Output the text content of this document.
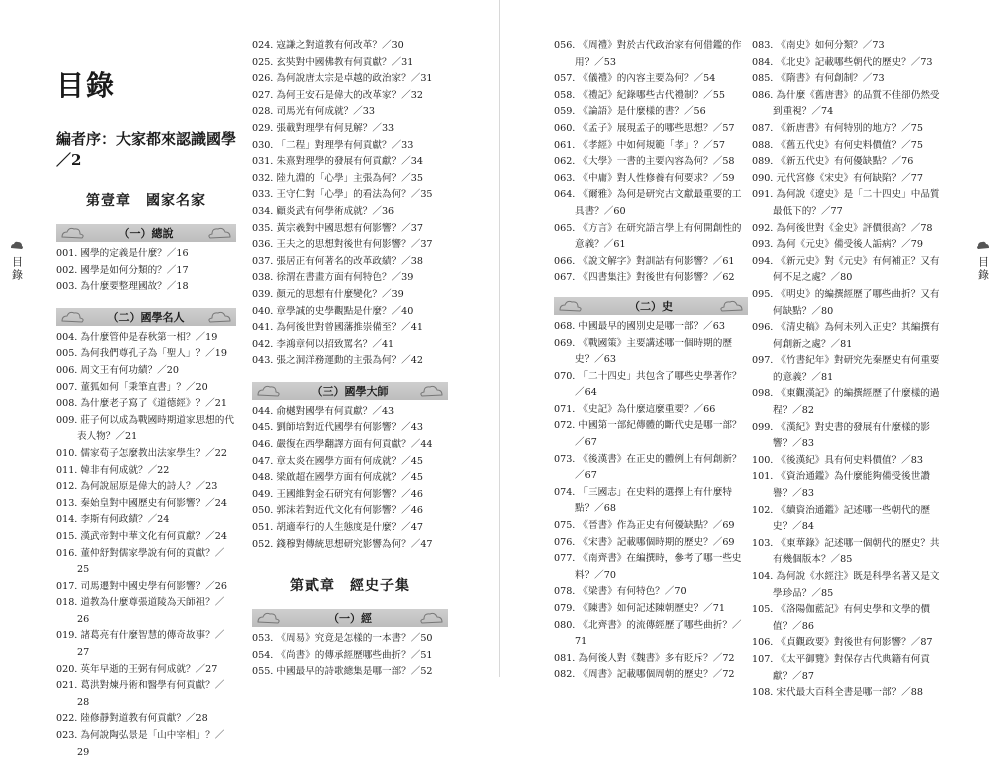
目錄
目錄
編者序：大家都來認識國學／2
第壹章　國家名家
（一）總說
001. 國學的定義是什麼？／16
002. 國學是如何分類的？／17
003. 為什麼要整理國故？／18
（二）國學名人
004. 為什麼管仲是春秋第一相？／19
005. 為何我們尊孔子為「聖人」？／19
006. 周文王有何功績？／20
007. 董狐如何「秉筆直書」？／20
008. 為什麼老子寫了《道德經》？／21
009. 莊子何以成為戰國時期道家思想的代表人物？／21
010. 儒家荀子怎麼教出法家學生？／22
011. 韓非有何成就？／22
012. 為何說屈原是偉大的詩人？／23
013. 秦始皇對中國歷史有何影響？／24
014. 李斯有何政績？／24
015. 漢武帝對中華文化有何貢獻？／24
016. 董仲舒對儒家學說有何的貢獻？／25
017. 司馬遷對中國史學有何影響？／26
018. 道教為什麼尊張道陵為天師祖？／26
019. 諸葛亮有什麼智慧的傳奇故事？／27
020. 英年早逝的王弼有何成就？／27
021. 葛洪對煉丹術和醫學有何貢獻？／28
022. 陸修靜對道教有何貢獻？／28
023. 為何說陶弘景是「山中宰相」？／29
024. 寇謙之對道教有何改革？／30
025. 玄奘對中國佛教有何貢獻？／31
026. 為何說唐太宗是卓越的政治家？／31
027. 為何王安石是偉大的改革家？／32
028. 司馬光有何成就？／33
029. 張載對理學有何見解？／33
030. 「二程」對理學有何貢獻？／33
031. 朱熹對理學的發展有何貢獻？／34
032. 陸九淵的「心學」主張為何？／35
033. 王守仁對「心學」的看法為何？／35
034. 顧炎武有何學術成就？／36
035. 黃宗羲對中國思想有何影響？／37
036. 王夫之的思想對後世有何影響？／37
037. 張居正有何著名的改革政績？／38
038. 徐渭在書畫方面有何特色？／39
039. 顏元的思想有什麼變化？／39
040. 章學誠的史學觀點是什麼？／40
041. 為何後世對曾國藩推崇備至？／41
042. 李鴻章何以招致罵名？／41
043. 張之洞洋務運動的主張為何？／42
（三）國學大師
044. 俞樾對國學有何貢獻？／43
045. 劉師培對近代國學有何影響？／43
046. 嚴復在西學翻譯方面有何貢獻？／44
047. 章太炎在國學方面有何成就？／45
048. 梁啟超在國學方面有何成就？／45
049. 王國維對金石研究有何影響？／46
050. 郭沫若對近代文化有何影響？／46
051. 胡適奉行的人生態度是什麼？／47
052. 錢穆對傳統思想研究影響為何？／47
第貳章　經史子集
（一）經
053. 《周易》究竟是怎樣的一本書？／50
054. 《尚書》的傳承經歷哪些曲折？／51
055. 中國最早的詩歌總集是哪一部？／52
目錄
056. 《周禮》對於古代政治家有何借鑑的作用？／53
057. 《儀禮》的內容主要為何？／54
058. 《禮記》紀錄哪些古代禮制？／55
059. 《論語》是什麼樣的書？／56
060. 《孟子》展現孟子的哪些思想？／57
061. 《孝經》中如何規範「孝」？／57
062. 《大學》一書的主要內容為何？／58
063. 《中庸》對人性修養有何要求？／59
064. 《爾雅》為何是研究古文獻最重要的工具書？／60
065. 《方言》在研究語言學上有何開創性的意義？／61
066. 《說文解字》對訓詁有何影響？／61
067. 《四書集注》對後世有何影響？／62
（二）史
068. 中國最早的國別史是哪一部？／63
069. 《戰國策》主要講述哪一個時期的歷史？／63
070. 「二十四史」共包含了哪些史學著作？／64
071. 《史記》為什麼這麼重要？／66
072. 中國第一部紀傳體的斷代史是哪一部？／67
073. 《後漢書》在正史的體例上有何創新？／67
074. 「三國志」在史料的選擇上有什麼特點？／68
075. 《晉書》作為正史有何優缺點？／69
076. 《宋書》記載哪個時期的歷史？／69
077. 《南齊書》在編撰時，參考了哪一些史料？／70
078. 《梁書》有何特色？／70
079. 《陳書》如何記述陳朝歷史？／71
080. 《北齊書》的流傳經歷了哪些曲折？／71
081. 為何後人對《魏書》多有貶斥？／72
082. 《周書》記載哪個周朝的歷史？／72
083. 《南史》如何分類？／73
084. 《北史》記載哪些朝代的歷史？／73
085. 《隋書》有何創制？／73
086. 為什麼《舊唐書》的品質不佳卻仍然受到重視？／74
087. 《新唐書》有何特別的地方？／75
088. 《舊五代史》有何史料價值？／75
089. 《新五代史》有何優缺點？／76
090. 元代宮修《宋史》有何缺陷？／77
091. 為何說《遼史》是「二十四史」中品質最低下的？／77
092. 為何後世對《金史》評價很高？／78
093. 為何《元史》備受後人詬病？／79
094. 《新元史》對《元史》有何補正？又有何不足之處？／80
095. 《明史》的編撰經歷了哪些曲折？又有何缺點？／80
096. 《清史稿》為何未列入正史？其編撰有何創新之處？／81
097. 《竹書紀年》對研究先秦歷史有何重要的意義？／81
098. 《東觀漢記》的編撰經歷了什麼樣的過程？／82
099. 《漢紀》對史書的發展有什麼樣的影響？／83
100. 《後漢紀》具有何史料價值？／83
101. 《資治通鑑》為什麼能夠備受後世讚譽？／83
102. 《續資治通鑑》記述哪一些朝代的歷史？／84
103. 《東華錄》記述哪一個朝代的歷史？共有幾個版本？／85
104. 為何說《水經注》既是科學名著又是文學珍品？／85
105. 《洛陽伽藍記》有何史學和文學的價值？／86
106. 《貞觀政要》對後世有何影響？／87
107. 《太平御覽》對保存古代典籍有何貢獻？／87
108. 宋代最大百科全書是哪一部？／88
